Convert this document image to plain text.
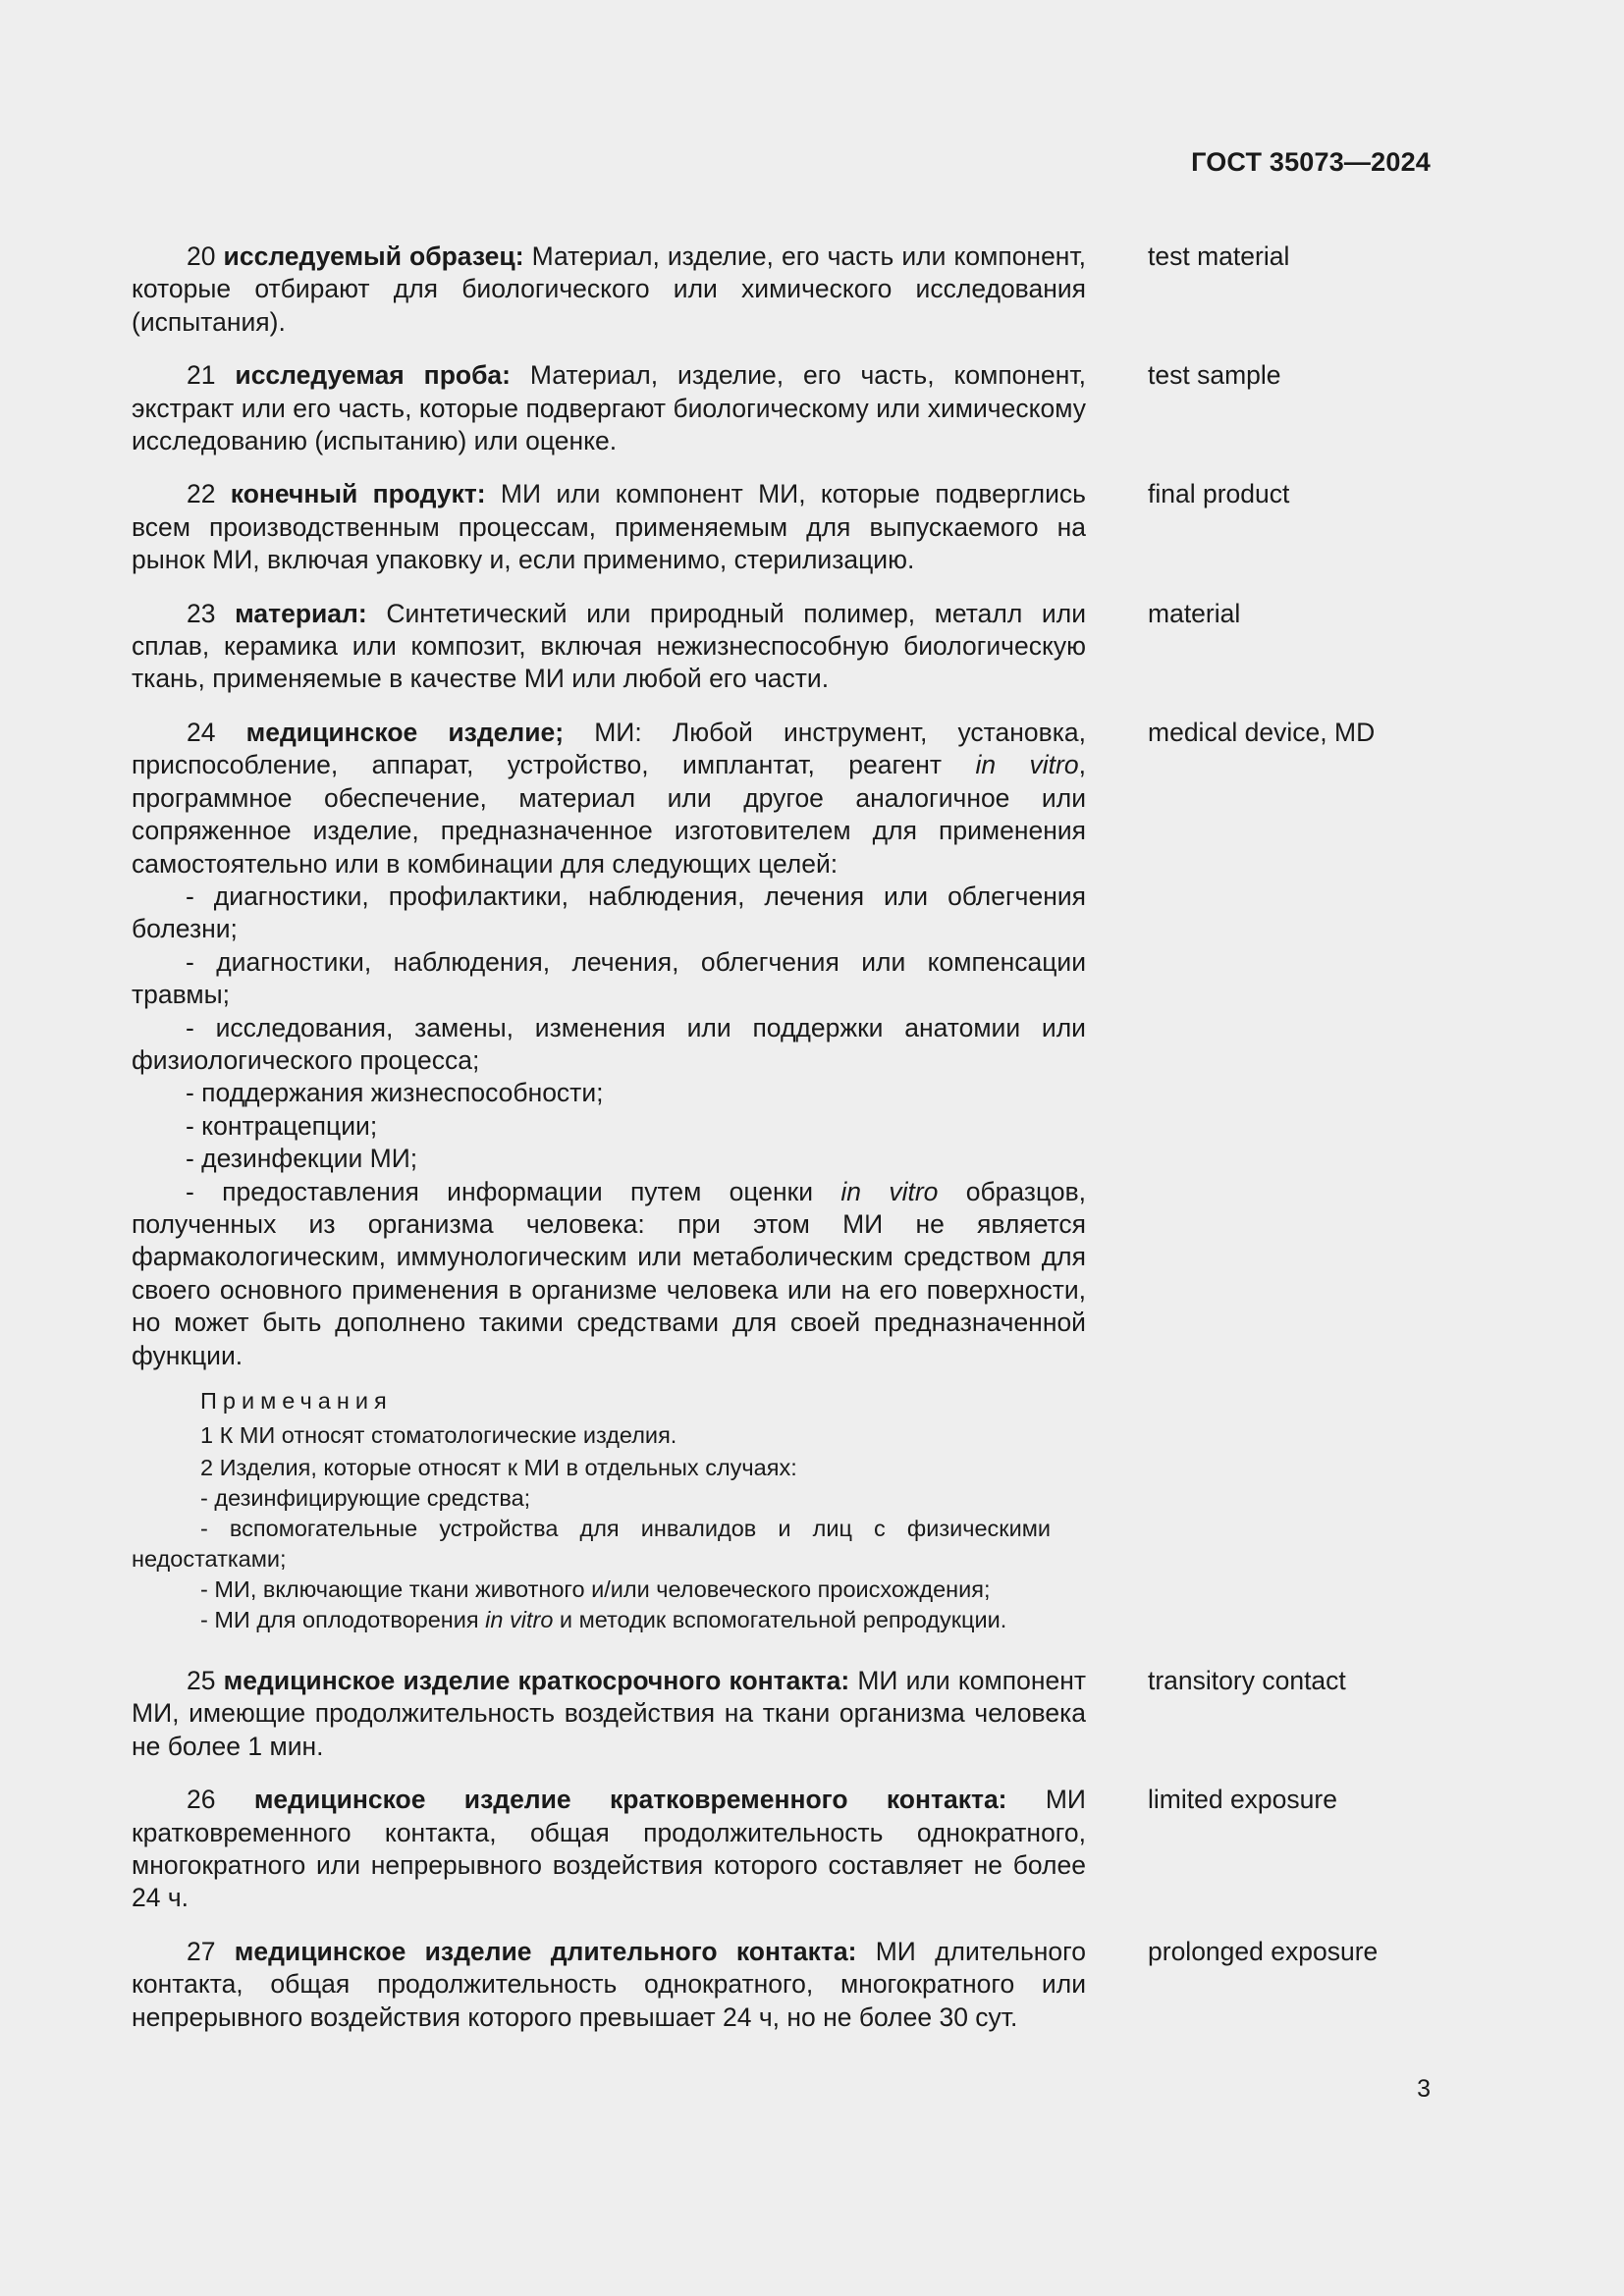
ГОСТ 35073—2024

20 исследуемый образец: Материал, изделие, его часть или компонент, которые отбирают для биологического или химического исследования (испытания).

test material

21 исследуемая проба: Материал, изделие, его часть, компонент, экстракт или его часть, которые подвергают биологическому или химическому исследованию (испытанию) или оценке.

test sample

22 конечный продукт: МИ или компонент МИ, которые подверглись всем производственным процессам, применяемым для выпускаемого на рынок МИ, включая упаковку и, если применимо, стерилизацию.

final product

23 материал: Синтетический или природный полимер, металл или сплав, керамика или композит, включая нежизнеспособную биологическую ткань, применяемые в качестве МИ или любой его части.

material

24 медицинское изделие; МИ: Любой инструмент, установка, приспособление, аппарат, устройство, имплантат, реагент in vitro, программное обеспечение, материал или другое аналогичное или сопряженное изделие, предназначенное изготовителем для применения самостоятельно или в комбинации для следующих целей:

- диагностики, профилактики, наблюдения, лечения или облегчения болезни;

- диагностики, наблюдения, лечения, облегчения или компенсации травмы;

- исследования, замены, изменения или поддержки анатомии или физиологического процесса;

- поддержания жизнеспособности;

- контрацепции;

- дезинфекции МИ;

- предоставления информации путем оценки in vitro образцов, полученных из организма человека: при этом МИ не является фармакологическим, иммунологическим или метаболическим средством для своего основного применения в организме человека или на его поверхности, но может быть дополнено такими средствами для своей предназначенной функции.

medical device, MD
Примечания

1 К МИ относят стоматологические изделия.

2 Изделия, которые относят к МИ в отдельных случаях:

- дезинфицирующие средства;

- вспомогательные устройства для инвалидов и лиц с физическими недостатками;

- МИ, включающие ткани животного и/или человеческого происхождения;

- МИ для оплодотворения in vitro и методик вспомогательной репродукции.

25 медицинское изделие краткосрочного контакта: МИ или компонент МИ, имеющие продолжительность воздействия на ткани организма человека не более 1 мин.

transitory contact

26 медицинское изделие кратковременного контакта: МИ кратковременного контакта, общая продолжительность однократного, многократного или непрерывного воздействия которого составляет не более 24 ч.

limited exposure

27 медицинское изделие длительного контакта: МИ длительного контакта, общая продолжительность однократного, многократного или непрерывного воздействия которого превышает 24 ч, но не более 30 сут.

prolonged exposure
3
